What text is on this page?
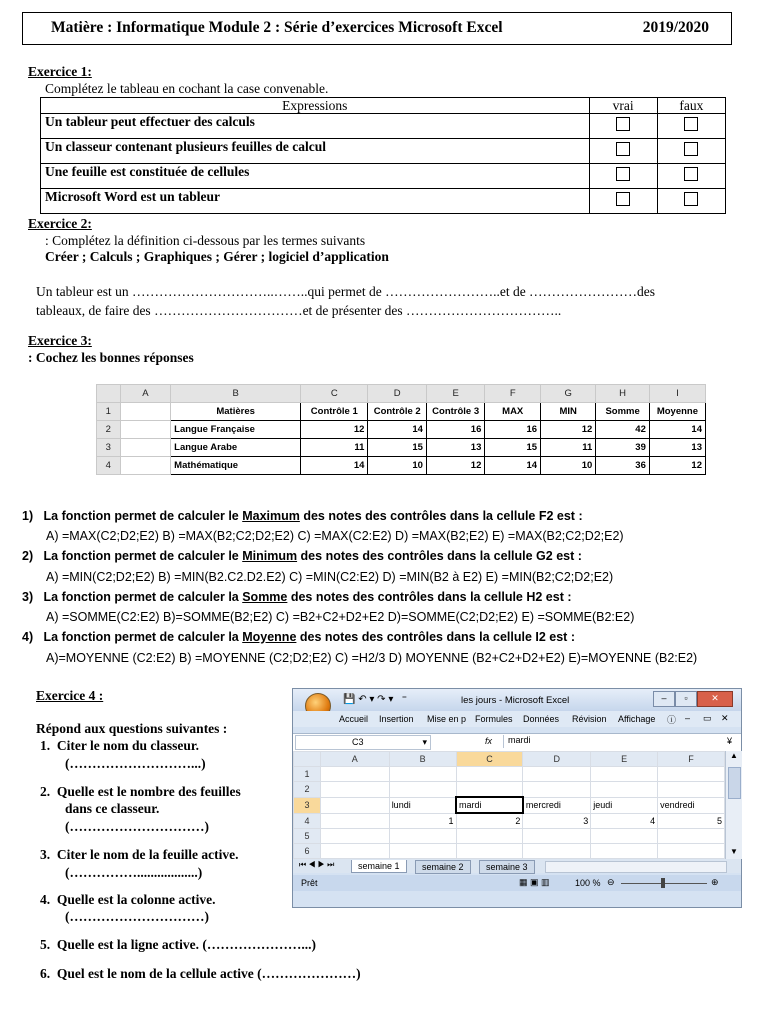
Matière : Informatique Module 2 : Série d’exercices Microsoft Excel	2019/2020
Exercice 1:
Complétez le tableau en cochant la case convenable.
Expressions	vrai	faux
Un tableur peut effectuer des calculs		
Un classeur contenant plusieurs feuilles de calcul		
Une feuille est constituée de cellules		
Microsoft Word est un tableur		
Exercice 2:
: Complétez la définition ci-dessous par les termes suivants
Créer ; Calculs ; Graphiques ; Gérer ; logiciel d’application
Un tableur est un …………………………..……..qui permet de ……………………..et de ……………………des
tableaux, de faire des ……………………………et de présenter des ……………………………..
Exercice 3:
: Cochez les bonnes réponses
	A	B	C	D	E	F	G	H	I
1		Matières	Contrôle 1	Contrôle 2	Contrôle 3	MAX	MIN	Somme	Moyenne
2		Langue Française	12	14	16	16	12	42	14
3		Langue Arabe	11	15	13	15	11	39	13
4		Mathématique	14	10	12	14	10	36	12
1) La fonction permet de calculer le Maximum des notes des contrôles dans la cellule F2 est :
A) =MAX(C2;D2;E2) B) =MAX(B2;C2;D2;E2) C) =MAX(C2:E2) D) =MAX(B2;E2) E) =MAX(B2;C2;D2;E2)
2) La fonction permet de calculer le Minimum des notes des contrôles dans la cellule G2 est :
A) =MIN(C2;D2;E2) B) =MIN(B2.C2.D2.E2) C) =MIN(C2:E2) D) =MIN(B2 à E2) E) =MIN(B2;C2;D2;E2)
3) La fonction permet de calculer la Somme des notes des contrôles dans la cellule H2 est :
A) =SOMME(C2:E2) B)=SOMME(B2;E2) C) =B2+C2+D2+E2 D)=SOMME(C2;D2;E2) E) =SOMME(B2:E2)
4) La fonction permet de calculer la Moyenne des notes des contrôles dans la cellule I2 est :
A)=MOYENNE (C2:E2) B) =MOYENNE (C2;D2;E2) C) =H2/3 D) MOYENNE (B2+C2+D2+E2) E)=MOYENNE (B2:E2)
Exercice 4 :
Répond aux questions suivantes :
1. Citer le nom du classeur.
(………………………...)
2. Quelle est le nombre des feuilles
dans ce classeur.
(…………………………)
3. Citer le nom de la feuille active.
(……………..................)
4. Quelle est la colonne active.
(…………………………)
5. Quelle est la ligne active. (…………………...)
6. Quel est le nom de la cellule active (…………………)
💾 ↶ ▾ ↷ ▾   ⁼	les jours - Microsoft Excel	–	▫	✕
Accueil Insertion Mise en p Formules Données Révision Affichage ⓘ – ▭ ✕
C3	▾	fx	mardi	¥
	A	B	C	D	E	F
1						
2						
3		lundi	mardi	mercredi	jeudi	vendredi
4		1	2	3	4	5
5						
6						

▲
▼
⏮ ◀ ▶ ⏭	semaine 1	semaine 2	semaine 3
Prêt	▦ ▣ ▥	100 % ⊖	⊕
